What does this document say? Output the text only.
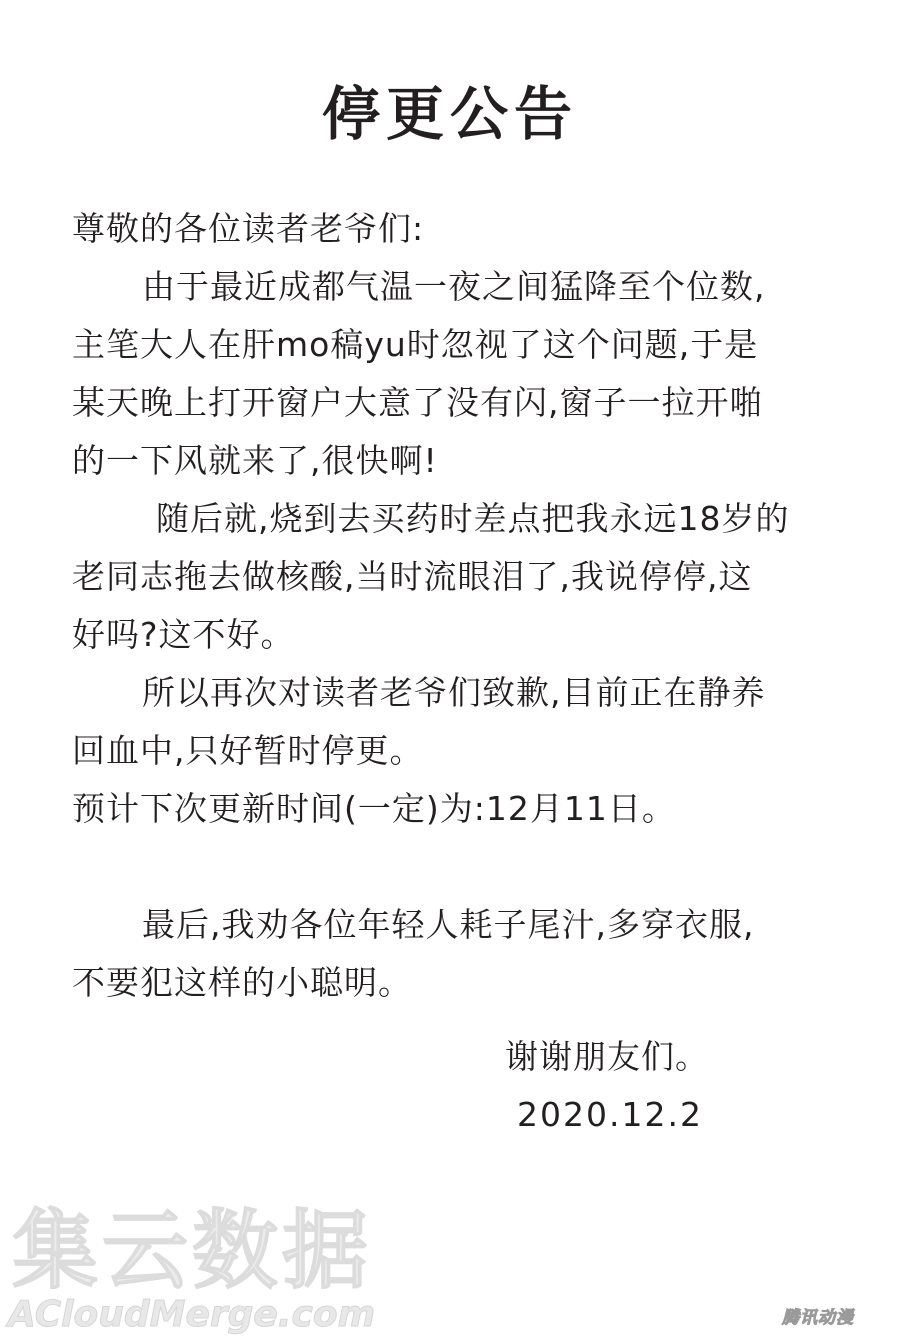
停更公告

尊敬的各位读者老爷们:

由于最近成都气温一夜之间猛降至个位数,

主笔大人在肝mo稿yu时忽视了这个问题,于是

某天晚上打开窗户大意了没有闪,窗子一拉开啪

的一下风就来了,很快啊!

随后就,烧到去买药时差点把我永远18岁的

老同志拖去做核酸,当时流眼泪了,我说停停,这

好吗?这不好。

所以再次对读者老爷们致歉,目前正在静养

回血中,只好暂时停更。

预计下次更新时间(一定)为:12月11日。

最后,我劝各位年轻人耗子尾汁,多穿衣服,

不要犯这样的小聪明。

谢谢朋友们。
2020.12.2
集云数据
ACloudMerge.com	腾讯动漫
